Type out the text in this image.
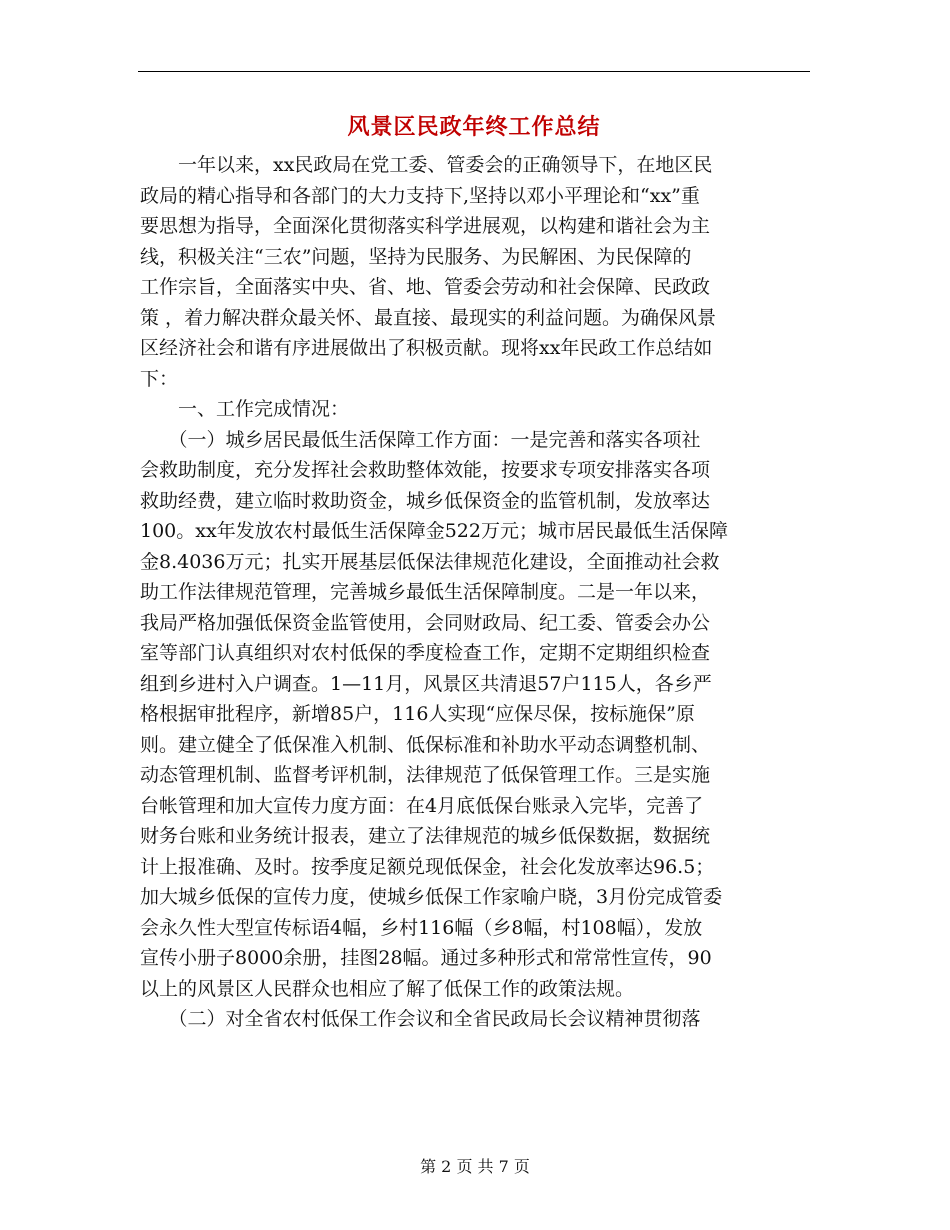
风景区民政年终工作总结
　　一年以来，xx民政局在党工委、管委会的正确领导下，在地区民
政局的精心指导和各部门的大力支持下,坚持以邓小平理论和“xx”重
要思想为指导，全面深化贯彻落实科学进展观，以构建和谐社会为主
线，积极关注“三农”问题，坚持为民服务、为民解困、为民保障的
工作宗旨，全面落实中央、省、地、管委会劳动和社会保障、民政政
策 ，着力解决群众最关怀、最直接、最现实的利益问题。为确保风景
区经济社会和谐有序进展做出了积极贡献。现将xx年民政工作总结如
下：
　　一、工作完成情况：
　　（一）城乡居民最低生活保障工作方面：一是完善和落实各项社
会救助制度，充分发挥社会救助整体效能，按要求专项安排落实各项
救助经费，建立临时救助资金，城乡低保资金的监管机制，发放率达
100。xx年发放农村最低生活保障金522万元；城市居民最低生活保障
金8.4036万元；扎实开展基层低保法律规范化建设，全面推动社会救
助工作法律规范管理，完善城乡最低生活保障制度。二是一年以来，
我局严格加强低保资金监管使用，会同财政局、纪工委、管委会办公
室等部门认真组织对农村低保的季度检查工作，定期不定期组织检查
组到乡进村入户调查。1—11月，风景区共清退57户115人，各乡严
格根据审批程序，新增85户，116人实现“应保尽保，按标施保”原
则。建立健全了低保准入机制、低保标准和补助水平动态调整机制、
动态管理机制、监督考评机制，法律规范了低保管理工作。三是实施
台帐管理和加大宣传力度方面：在4月底低保台账录入完毕，完善了
财务台账和业务统计报表，建立了法律规范的城乡低保数据，数据统
计上报准确、及时。按季度足额兑现低保金，社会化发放率达96.5；
加大城乡低保的宣传力度，使城乡低保工作家喻户晓，3月份完成管委
会永久性大型宣传标语4幅，乡村116幅（乡8幅，村108幅），发放
宣传小册子8000余册，挂图28幅。通过多种形式和常常性宣传，90
以上的风景区人民群众也相应了解了低保工作的政策法规。
　　（二）对全省农村低保工作会议和全省民政局长会议精神贯彻落
第 2 页 共 7 页
